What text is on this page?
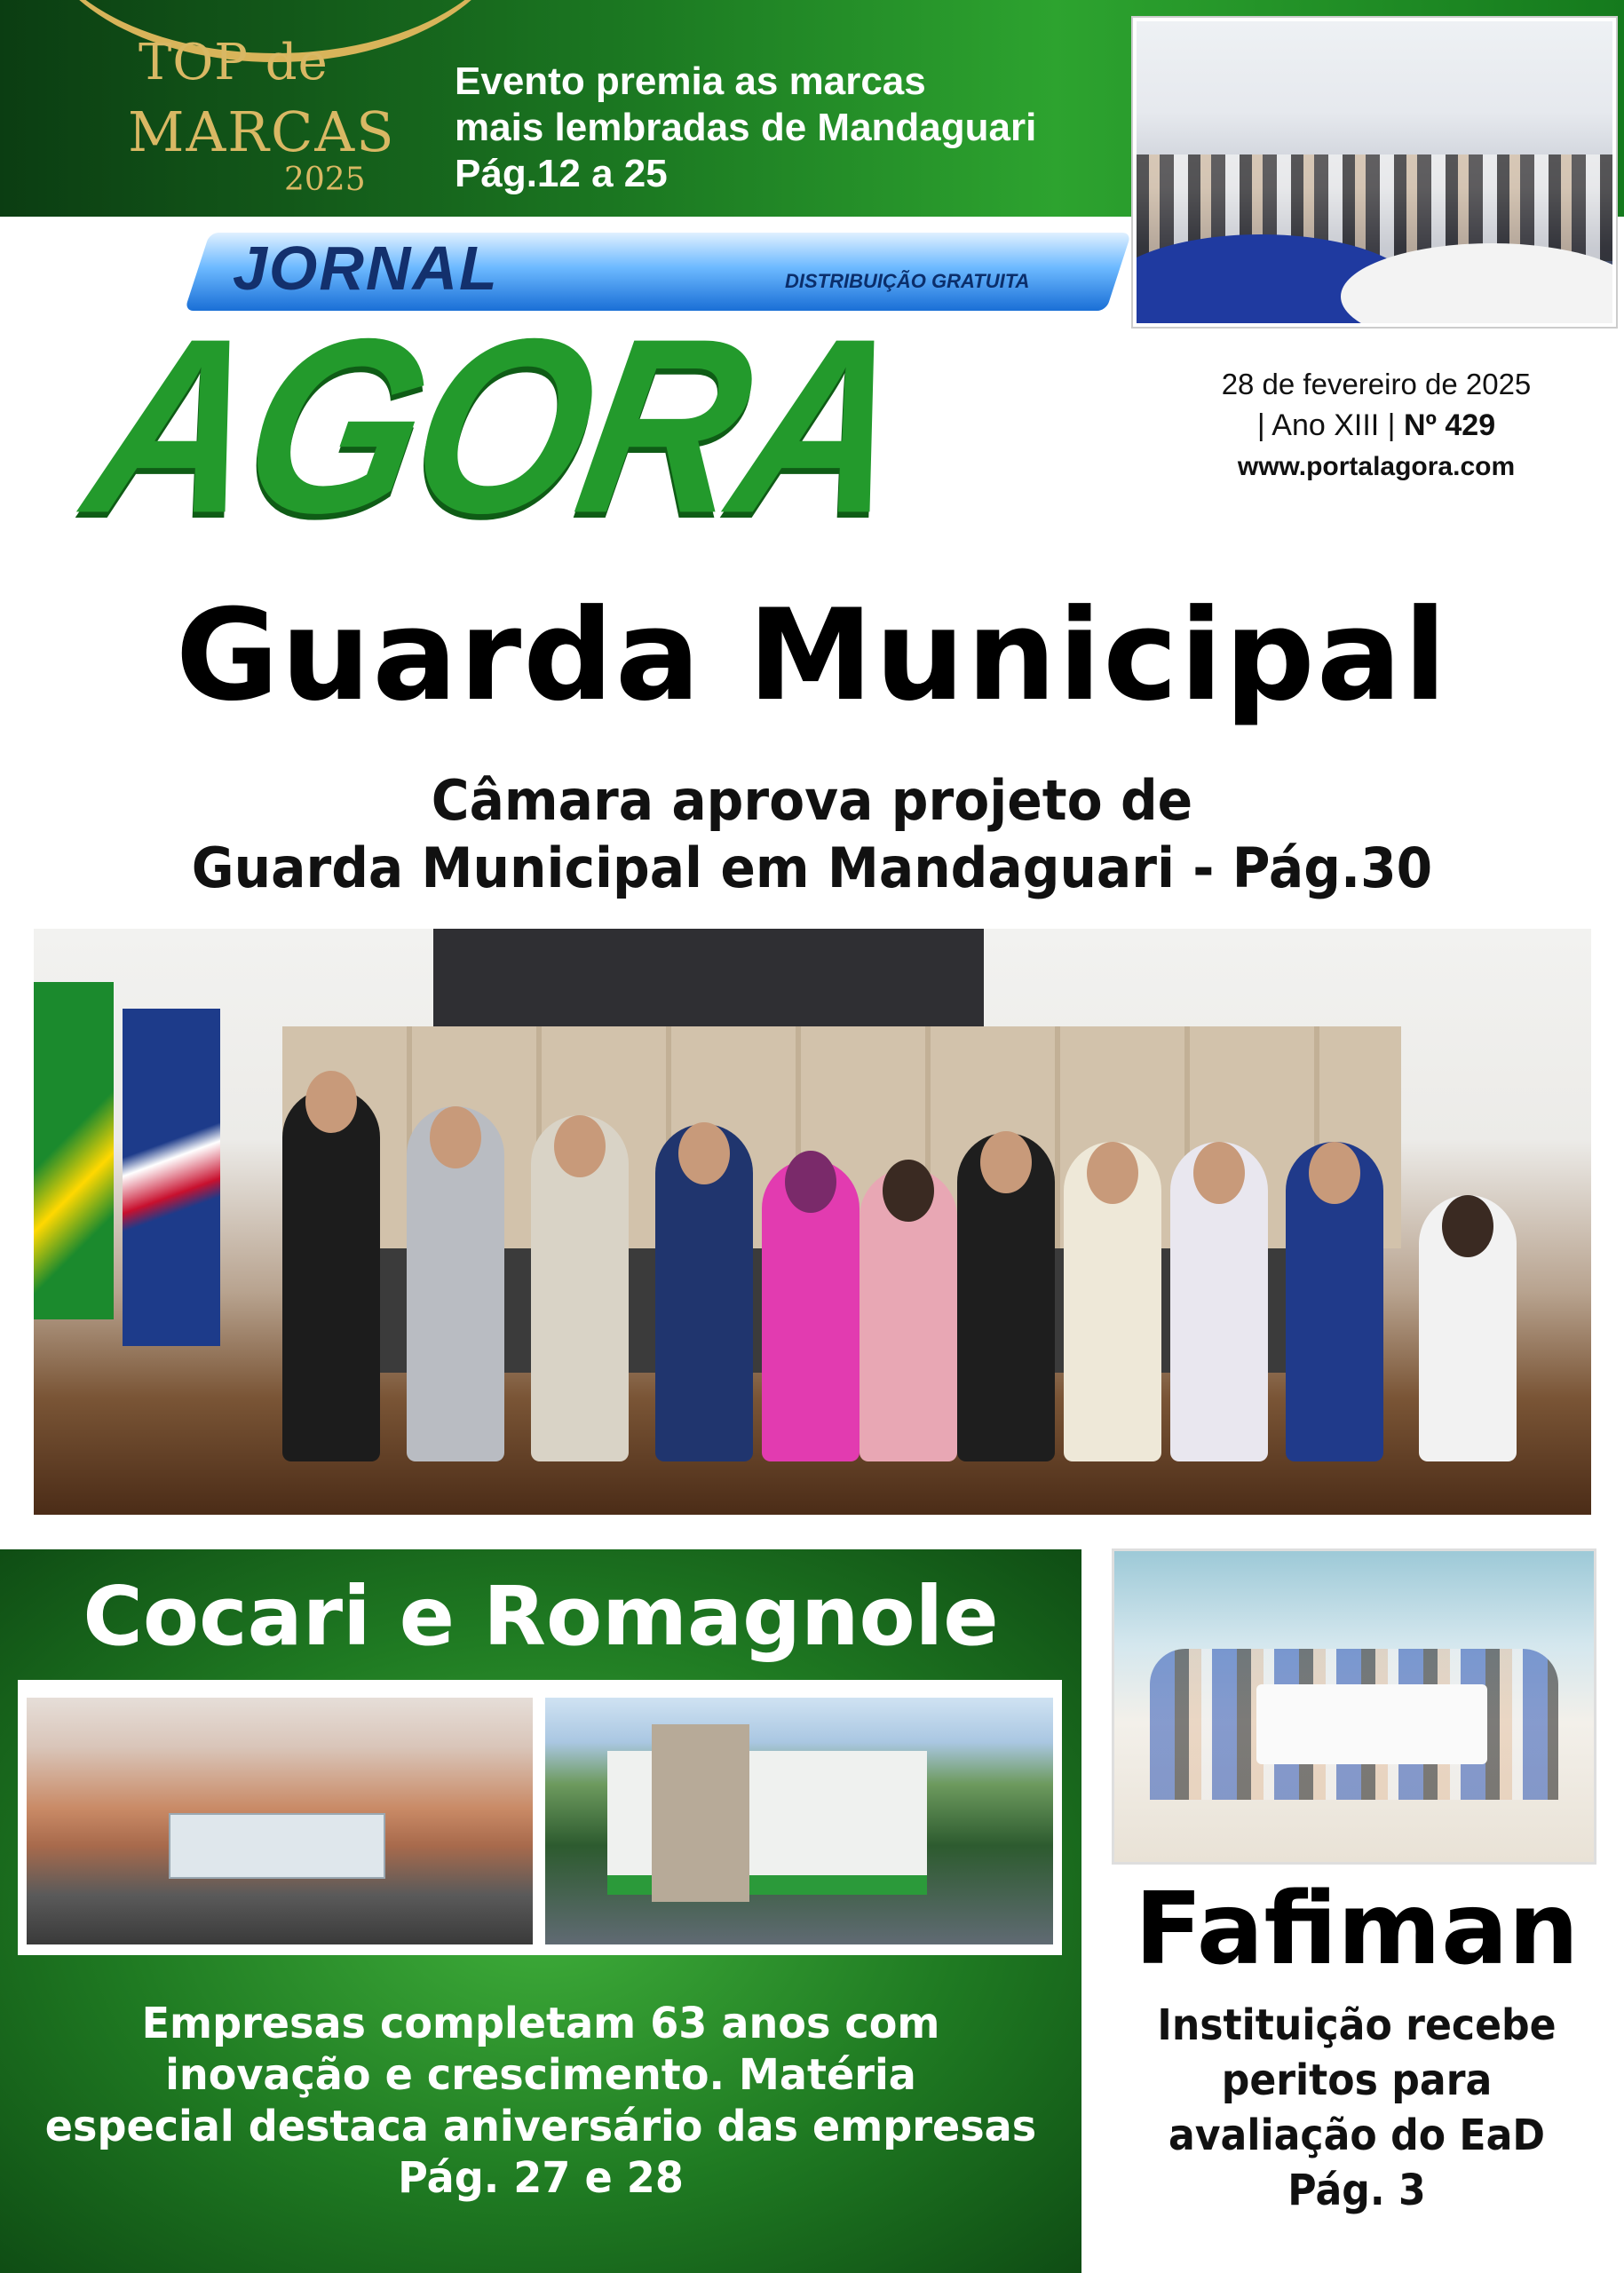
TOP de
MARCAS
2025
Evento premia as marcas
mais lembradas de Mandaguari
Pág.12 a 25
JORNAL	DISTRIBUIÇÃO GRATUITA
AGORA	28 de fevereiro de 2025
| Ano XIII | Nº 429
www.portalagora.com
Guarda Municipal
Câmara aprova projeto de
Guarda Municipal em Mandaguari - Pág.30
Cocari e Romagnole
Empresas completam 63 anos com
inovação e crescimento. Matéria
especial destaca aniversário das empresas
Pág. 27 e 28
Fafiman
Instituição recebe
peritos para
avaliação do EaD
Pág. 3
